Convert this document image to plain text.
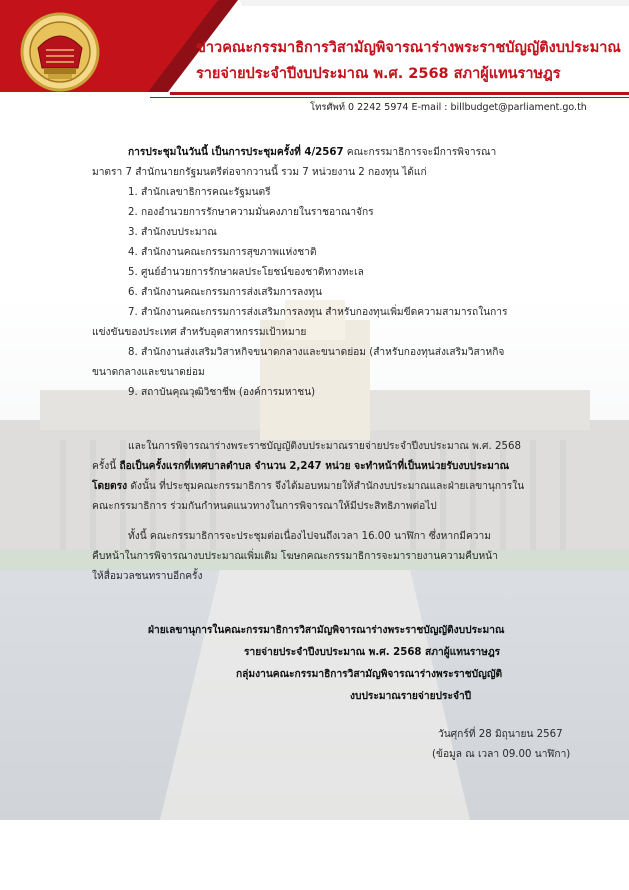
ข่าวคณะกรรมาธิการวิสามัญพิจารณาร่างพระราชบัญญัติงบประมาณ
รายจ่ายประจำปีงบประมาณ พ.ศ. 2568 สภาผู้แทนราษฎร
โทรศัพท์ 0 2242 5974 E-mail : billbudget@parliament.go.th
การประชุมในวันนี้ เป็นการประชุมครั้งที่ 4/2567 คณะกรรมาธิการจะมีการพิจารณา
มาตรา 7 สำนักนายกรัฐมนตรีต่อจากวานนี้ รวม 7 หน่วยงาน 2 กองทุน ได้แก่
1. สำนักเลขาธิการคณะรัฐมนตรี
2. กองอำนวยการรักษาความมั่นคงภายในราชอาณาจักร
3. สำนักงบประมาณ
4. สำนักงานคณะกรรมการสุขภาพแห่งชาติ
5. ศูนย์อำนวยการรักษาผลประโยชน์ของชาติทางทะเล
6. สำนักงานคณะกรรมการส่งเสริมการลงทุน
7. สำนักงานคณะกรรมการส่งเสริมการลงทุน สำหรับกองทุนเพิ่มขีดความสามารถในการ
แข่งขันของประเทศ สำหรับอุตสาหกรรมเป้าหมาย
8. สำนักงานส่งเสริมวิสาหกิจขนาดกลางและขนาดย่อม (สำหรับกองทุนส่งเสริมวิสาหกิจ
ขนาดกลางและขนาดย่อม
9. สถาบันคุณวุฒิวิชาชีพ (องค์การมหาชน)
และในการพิจารณาร่างพระราชบัญญัติงบประมาณรายจ่ายประจำปีงบประมาณ พ.ศ. 2568
ครั้งนี้ ถือเป็นครั้งแรกที่เทศบาลตำบล จำนวน 2,247 หน่วย จะทำหน้าที่เป็นหน่วยรับงบประมาณ
โดยตรง ดังนั้น ที่ประชุมคณะกรรมาธิการ จึงได้มอบหมายให้สำนักงบประมาณและฝ่ายเลขานุการใน
คณะกรรมาธิการ ร่วมกันกำหนดแนวทางในการพิจารณาให้มีประสิทธิภาพต่อไป
ทั้งนี้ คณะกรรมาธิการจะประชุมต่อเนื่องไปจนถึงเวลา 16.00 นาฬิกา ซึ่งหากมีความ
คืบหน้าในการพิจารณางบประมาณเพิ่มเติม โฆษกคณะกรรมาธิการจะมารายงานความคืบหน้า
ให้สื่อมวลชนทราบอีกครั้ง
ฝ่ายเลขานุการในคณะกรรมาธิการวิสามัญพิจารณาร่างพระราชบัญญัติงบประมาณ
รายจ่ายประจำปีงบประมาณ พ.ศ. 2568 สภาผู้แทนราษฎร
กลุ่มงานคณะกรรมาธิการวิสามัญพิจารณาร่างพระราชบัญญัติ
งบประมาณรายจ่ายประจำปี
วันศุกร์ที่ 28 มิถุนายน 2567
(ข้อมูล ณ เวลา 09.00 นาฬิกา)
